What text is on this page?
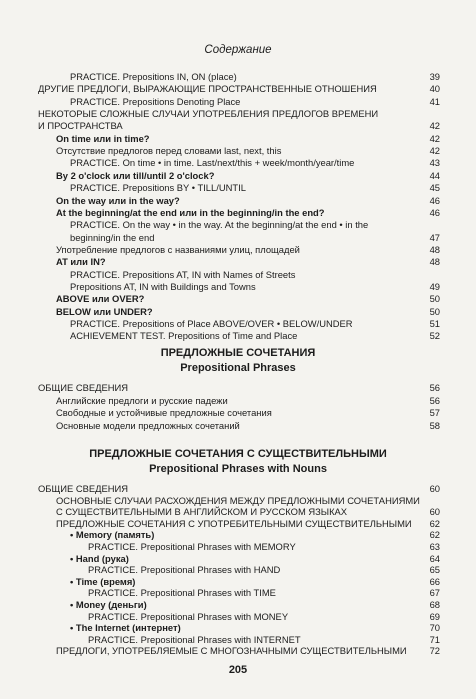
Содержание
PRACTICE. Prepositions IN, ON (place)	39
ДРУГИЕ ПРЕДЛОГИ, ВЫРАЖАЮЩИЕ ПРОСТРАНСТВЕННЫЕ ОТНОШЕНИЯ	40
PRACTICE. Prepositions Denoting Place	41
НЕКОТОРЫЕ СЛОЖНЫЕ СЛУЧАИ УПОТРЕБЛЕНИЯ ПРЕДЛОГОВ ВРЕМЕНИ
И ПРОСТРАНСТВА	42
On time или in time?	42
Отсутствие предлогов перед словами last, next, this	42
PRACTICE. On time • in time. Last/next/this + week/month/year/time	43
By 2 o'clock или till/until 2 o'clock?	44
PRACTICE. Prepositions BY • TILL/UNTIL	45
On the way или in the way?	46
At the beginning/at the end или in the beginning/in the end?	46
PRACTICE. On the way • in the way. At the beginning/at the end • in the
beginning/in the end	47
Употребление предлогов с названиями улиц, площадей	48
AT или IN?	48
PRACTICE. Prepositions AT, IN with Names of Streets
Prepositions AT, IN with Buildings and Towns	49
ABOVE или OVER?	50
BELOW или UNDER?	50
PRACTICE. Prepositions of Place ABOVE/OVER • BELOW/UNDER	51
ACHIEVEMENT TEST. Prepositions of Time and Place	52
ПРЕДЛОЖНЫЕ СОЧЕТАНИЯ
Prepositional Phrases
ОБЩИЕ СВЕДЕНИЯ	56
Английские предлоги и русские падежи	56
Свободные и устойчивые предложные сочетания	57
Основные модели предложных сочетаний	58
ПРЕДЛОЖНЫЕ СОЧЕТАНИЯ С СУЩЕСТВИТЕЛЬНЫМИ
Prepositional Phrases with Nouns
ОБЩИЕ СВЕДЕНИЯ	60
ОСНОВНЫЕ СЛУЧАИ РАСХОЖДЕНИЯ МЕЖДУ ПРЕДЛОЖНЫМИ СОЧЕТАНИЯМИ
С СУЩЕСТВИТЕЛЬНЫМИ В АНГЛИЙСКОМ И РУССКОМ ЯЗЫКАХ	60
ПРЕДЛОЖНЫЕ СОЧЕТАНИЯ С УПОТРЕБИТЕЛЬНЫМИ СУЩЕСТВИТЕЛЬНЫМИ	62
• Memory (память)	62
PRACTICE. Prepositional Phrases with MEMORY	63
• Hand (рука)	64
PRACTICE. Prepositional Phrases with HAND	65
• Time (время)	66
PRACTICE. Prepositional Phrases with TIME	67
• Money (деньги)	68
PRACTICE. Prepositional Phrases with MONEY	69
• The Internet (интернет)	70
PRACTICE. Prepositional Phrases with INTERNET	71
ПРЕДЛОГИ, УПОТРЕБЛЯЕМЫЕ С МНОГОЗНАЧНЫМИ СУЩЕСТВИТЕЛЬНЫМИ	72
205
